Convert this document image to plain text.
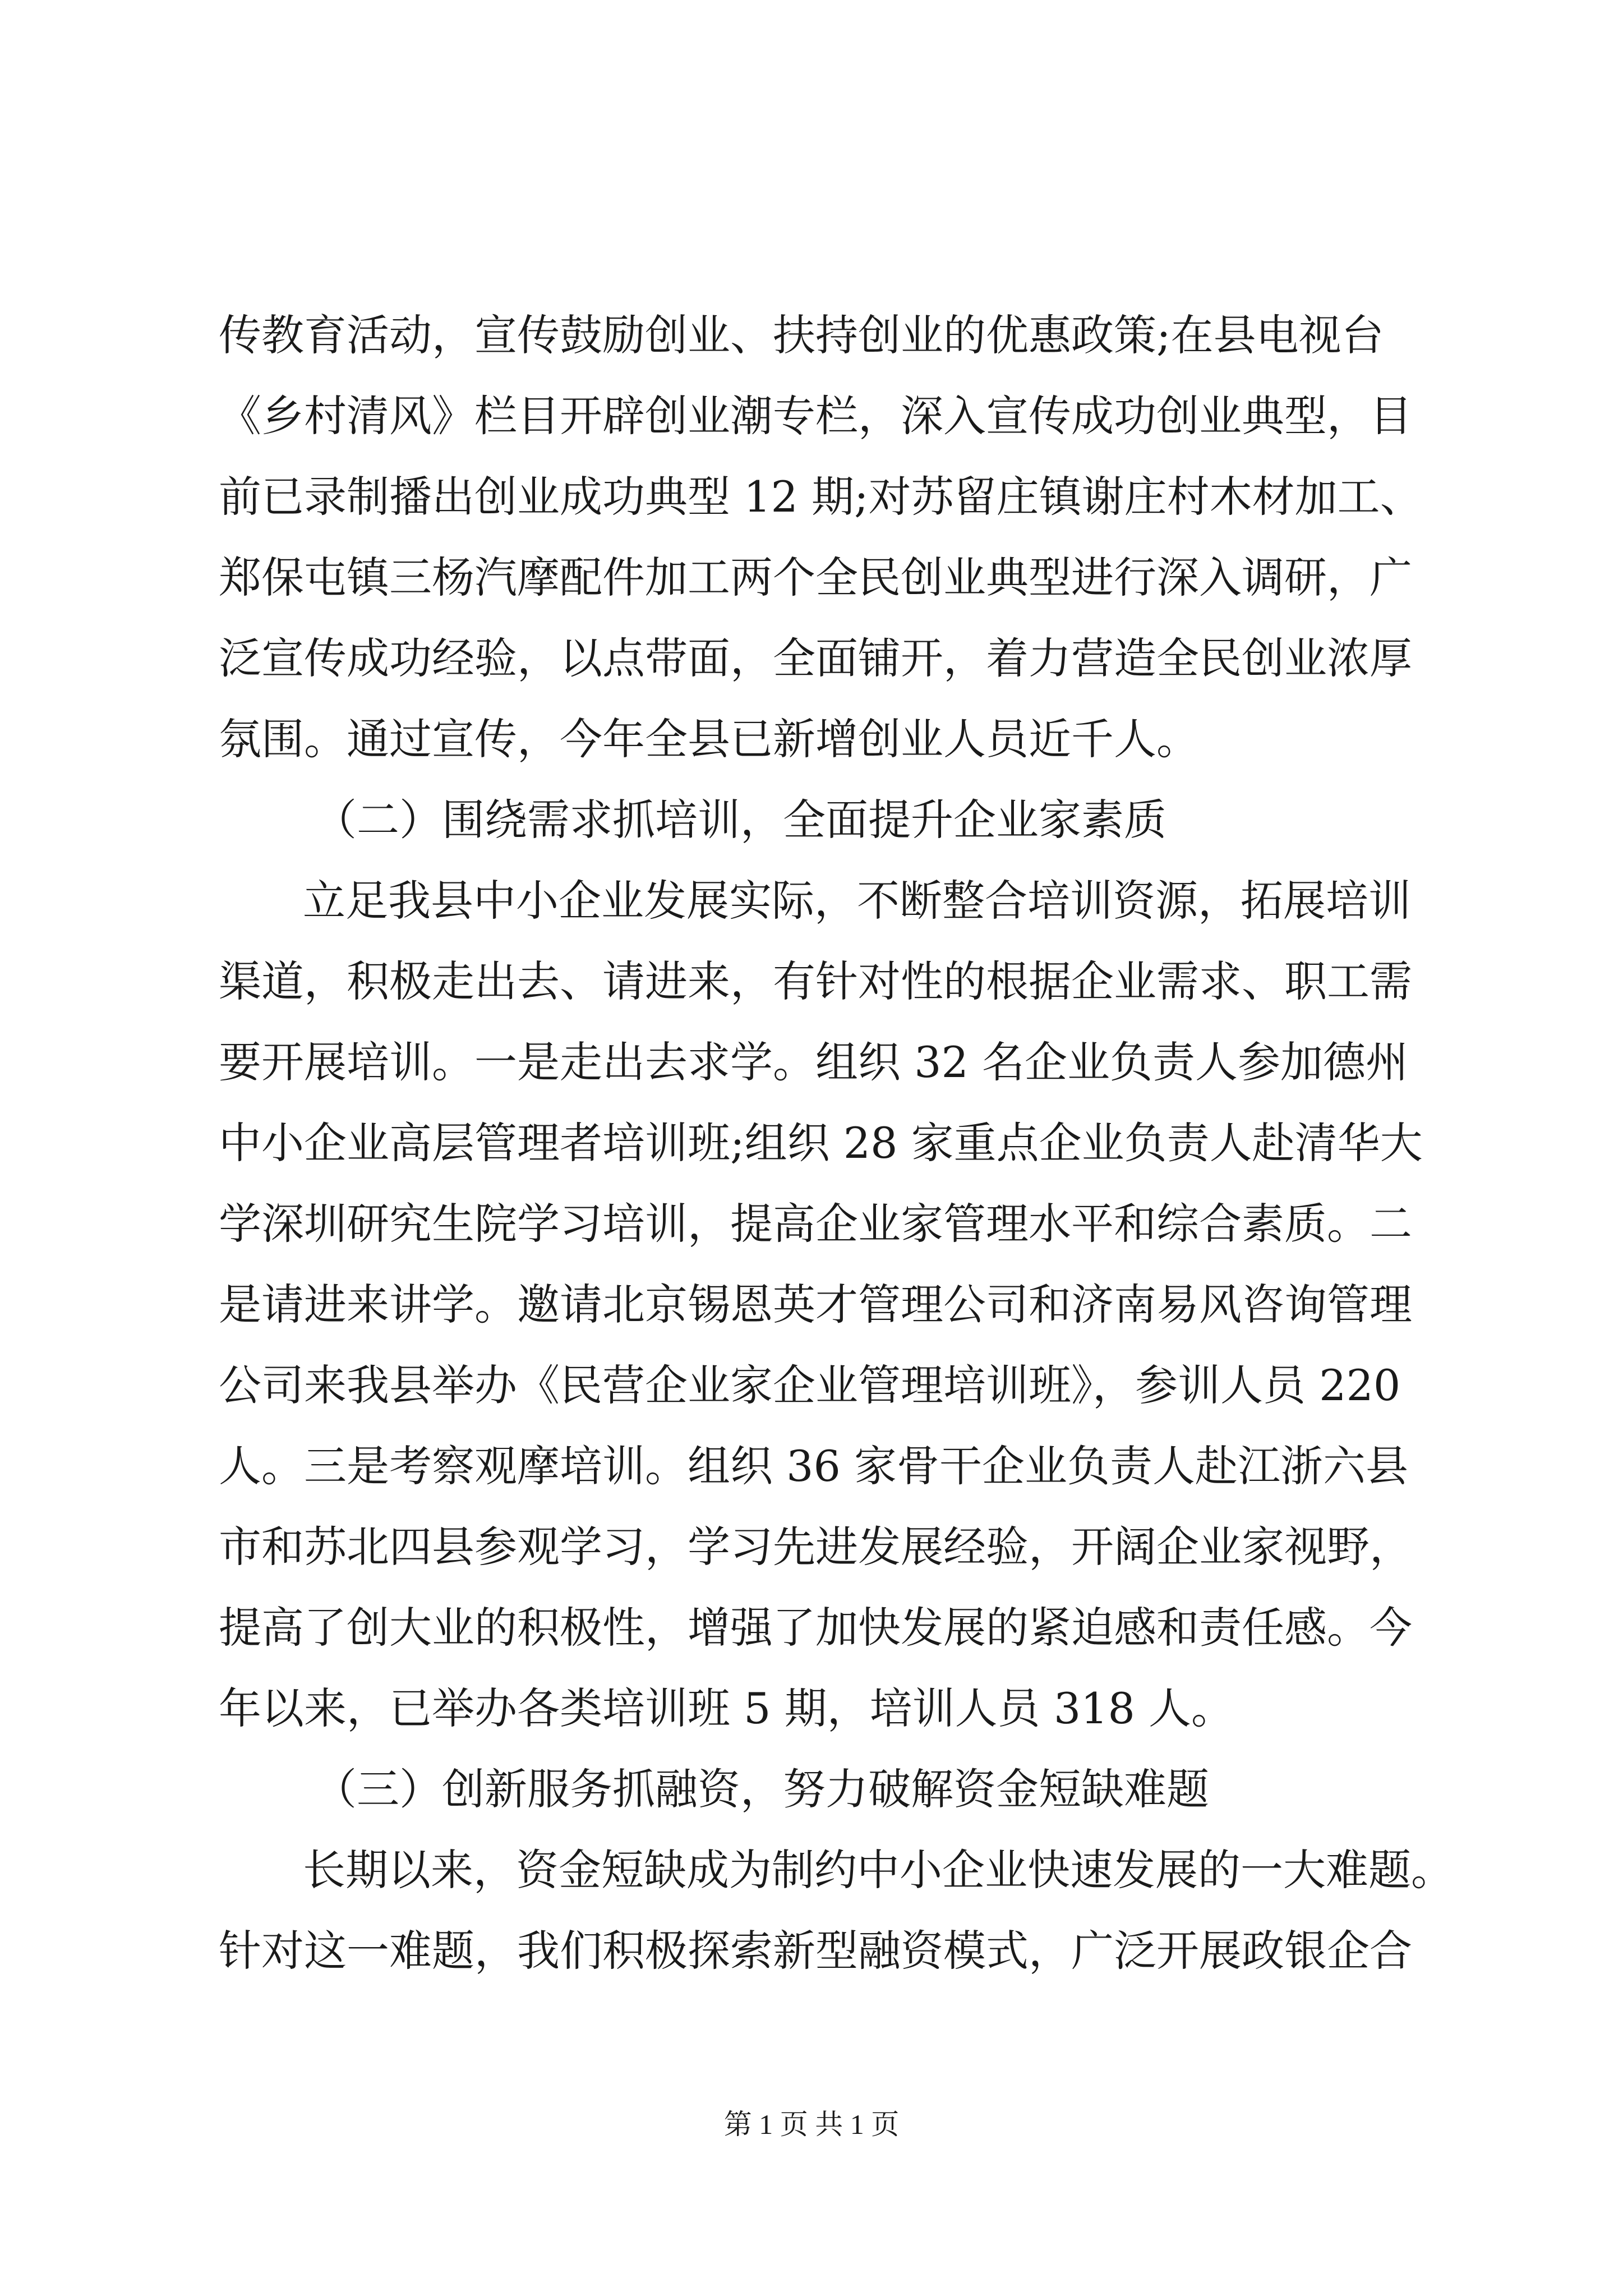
传教育活动，宣传鼓励创业、扶持创业的优惠政策;在县电视台
《乡村清风》栏目开辟创业潮专栏，深入宣传成功创业典型，目
前已录制播出创业成功典型 12 期;对苏留庄镇谢庄村木材加工、
郑保屯镇三杨汽摩配件加工两个全民创业典型进行深入调研，广
泛宣传成功经验，以点带面，全面铺开，着力营造全民创业浓厚
氛围。通过宣传，今年全县已新增创业人员近千人。
（二）围绕需求抓培训，全面提升企业家素质
立足我县中小企业发展实际，不断整合培训资源，拓展培训
渠道，积极走出去、请进来，有针对性的根据企业需求、职工需
要开展培训。一是走出去求学。组织 32 名企业负责人参加德州
中小企业高层管理者培训班;组织 28 家重点企业负责人赴清华大
学深圳研究生院学习培训，提高企业家管理水平和综合素质。二
是请进来讲学。邀请北京锡恩英才管理公司和济南易风咨询管理
公司来我县举办《民营企业家企业管理培训班》，参训人员 220
人。三是考察观摩培训。组织 36 家骨干企业负责人赴江浙六县
市和苏北四县参观学习，学习先进发展经验，开阔企业家视野，
提高了创大业的积极性，增强了加快发展的紧迫感和责任感。今
年以来，已举办各类培训班 5 期，培训人员 318 人。
（三）创新服务抓融资，努力破解资金短缺难题
长期以来，资金短缺成为制约中小企业快速发展的一大难题。
针对这一难题，我们积极探索新型融资模式，广泛开展政银企合
第 1 页 共 1 页
